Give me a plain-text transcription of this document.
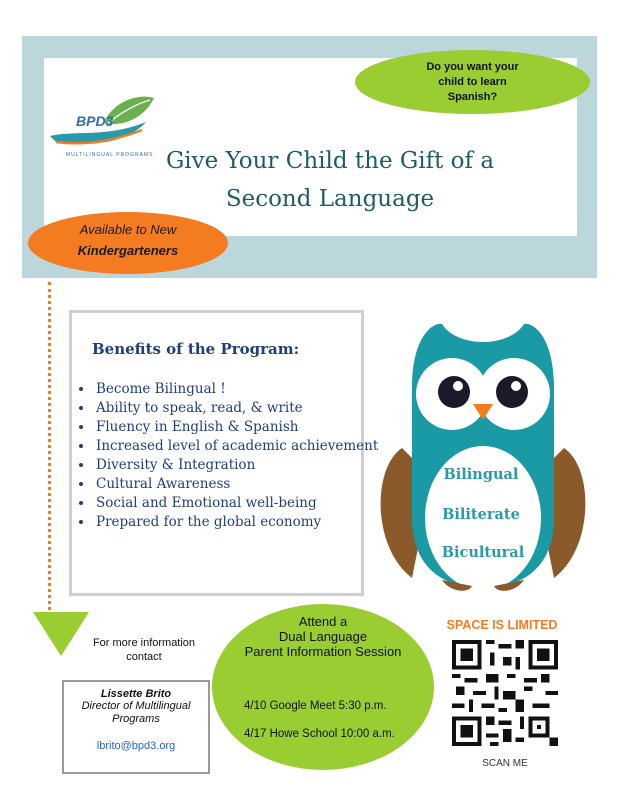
BPD3
MULTILINGUAL PROGRAMS Give Your Child the Gift of a
Second Language
Do you want your
child to learn
Spanish?
Available to New
Kindergarteners
Benefits of the Program:
• Become Bilingual !
• Ability to speak, read, & write
• Fluency in English & Spanish
• Increased level of academic achievement
• Diversity & Integration
• Cultural Awareness
• Social and Emotional well-being
• Prepared for the global economy
Bilingual
Biliterate
Bicultural
For more information
contact
Lissette Brito
Director of Multilingual
Programs
lbrito@bpd3.org
Attend a
Dual Language
Parent Information Session
4/10 Google Meet 5:30 p.m.
4/17 Howe School 10:00 a.m.
SPACE IS LIMITED
SCAN ME
